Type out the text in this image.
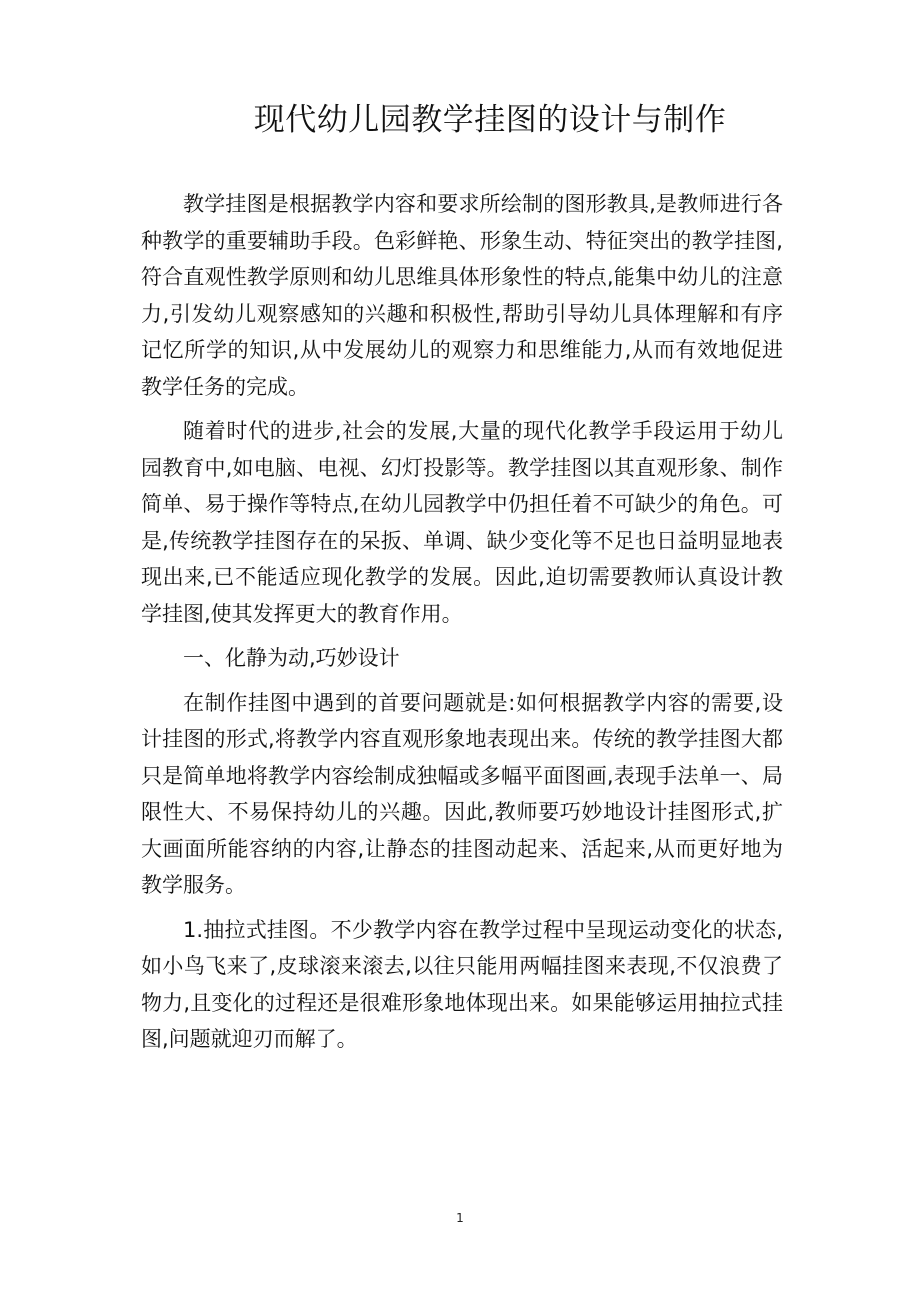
现代幼儿园教学挂图的设计与制作

教学挂图是根据教学内容和要求所绘制的图形教具,是教师进行各种教学的重要辅助手段。色彩鲜艳、形象生动、特征突出的教学挂图,符合直观性教学原则和幼儿思维具体形象性的特点,能集中幼儿的注意力,引发幼儿观察感知的兴趣和积极性,帮助引导幼儿具体理解和有序记忆所学的知识,从中发展幼儿的观察力和思维能力,从而有效地促进教学任务的完成。

随着时代的进步,社会的发展,大量的现代化教学手段运用于幼儿园教育中,如电脑、电视、幻灯投影等。教学挂图以其直观形象、制作简单、易于操作等特点,在幼儿园教学中仍担任着不可缺少的角色。可是,传统教学挂图存在的呆扳、单调、缺少变化等不足也日益明显地表现出来,已不能适应现化教学的发展。因此,迫切需要教师认真设计教学挂图,使其发挥更大的教育作用。

一、化静为动,巧妙设计

在制作挂图中遇到的首要问题就是:如何根据教学内容的需要,设计挂图的形式,将教学内容直观形象地表现出来。传统的教学挂图大都只是简单地将教学内容绘制成独幅或多幅平面图画,表现手法单一、局限性大、不易保持幼儿的兴趣。因此,教师要巧妙地设计挂图形式,扩大画面所能容纳的内容,让静态的挂图动起来、活起来,从而更好地为教学服务。

1.抽拉式挂图。不少教学内容在教学过程中呈现运动变化的状态,如小鸟飞来了,皮球滚来滚去,以往只能用两幅挂图来表现,不仅浪费了物力,且变化的过程还是很难形象地体现出来。如果能够运用抽拉式挂图,问题就迎刃而解了。

1
